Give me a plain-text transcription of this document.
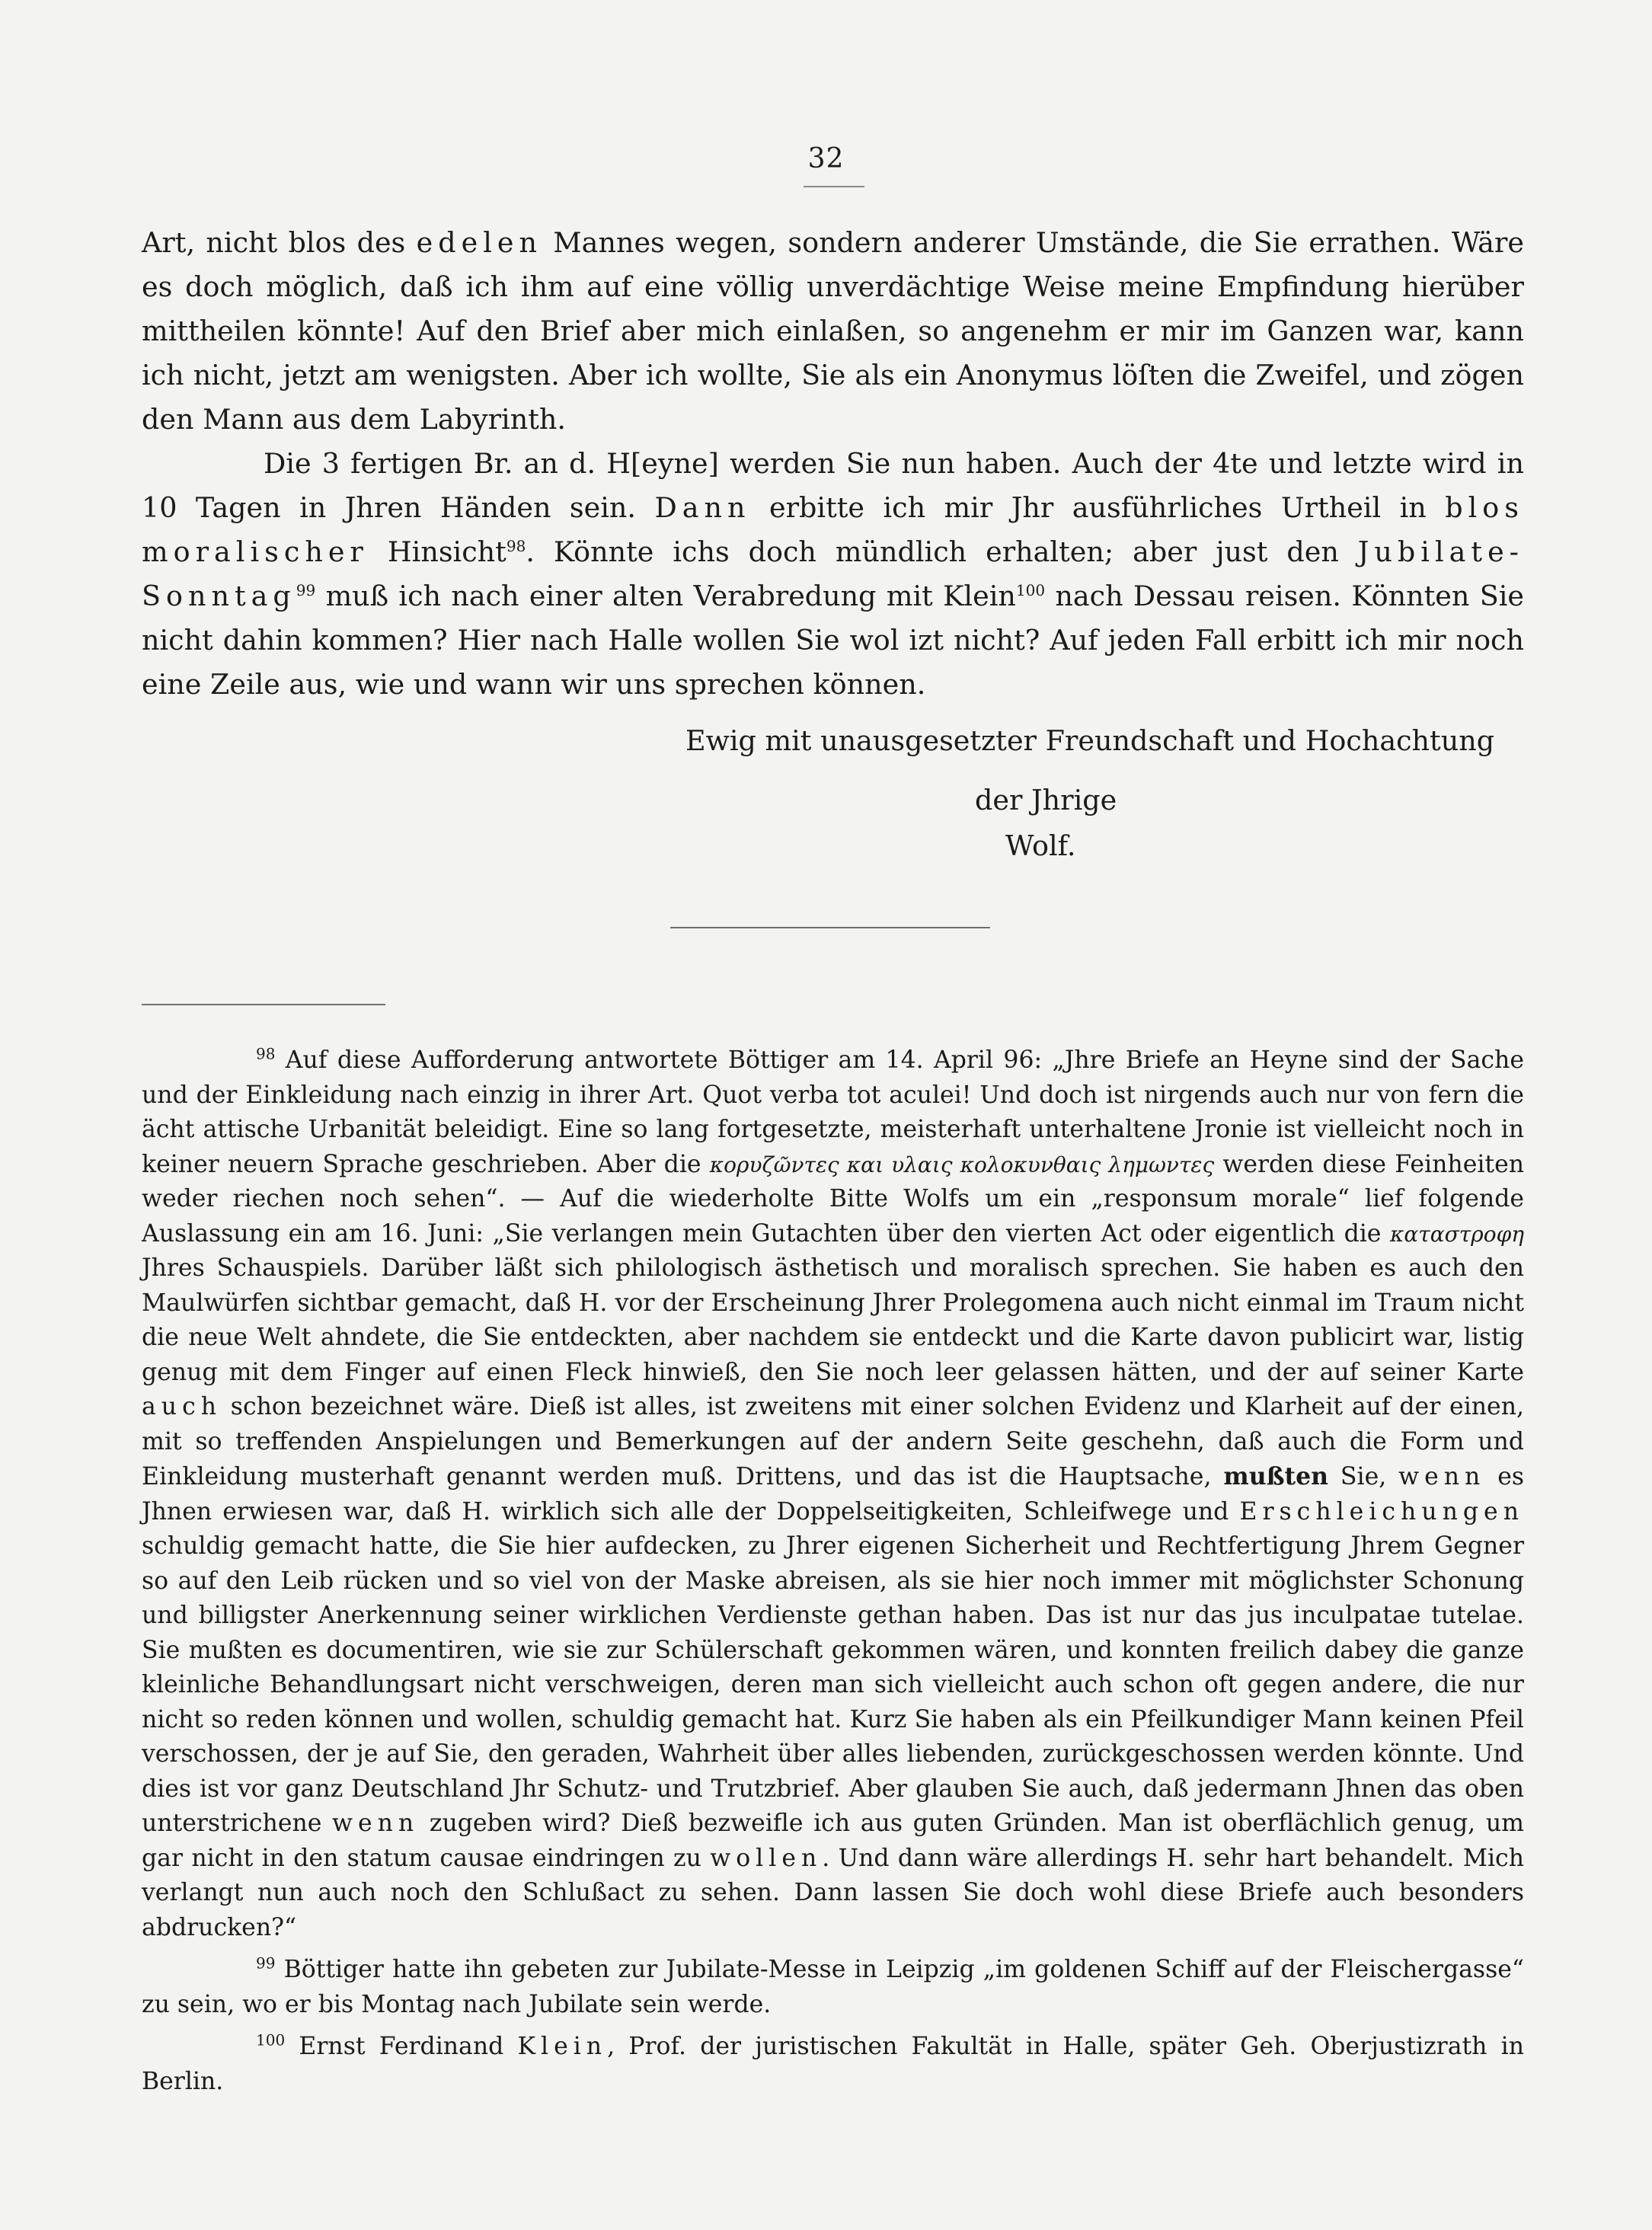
32

Art, nicht blos des edelen Mannes wegen, sondern anderer Umstände, die Sie errathen. Wäre es doch möglich, daß ich ihm auf eine völlig unverdächtige Weise meine Empfindung hierüber mittheilen könnte! Auf den Brief aber mich einlaßen, so angenehm er mir im Ganzen war, kann ich nicht, jetzt am wenigsten. Aber ich wollte, Sie als ein Anonymus löſten die Zweifel, und zögen den Mann aus dem Labyrinth.

Die 3 fertigen Br. an d. H[eyne] werden Sie nun haben. Auch der 4te und letzte wird in 10 Tagen in Jhren Händen sein. Dann erbitte ich mir Jhr ausführliches Urtheil in blos moralischer Hinsicht$^{98}$. Könnte ichs doch mündlich erhalten; aber just den Jubilate-Sonntag$^{99}$ muß ich nach einer alten Verabredung mit Klein$^{100}$ nach Dessau reisen. Könnten Sie nicht dahin kommen? Hier nach Halle wollen Sie wol izt nicht? Auf jeden Fall erbitt ich mir noch eine Zeile aus, wie und wann wir uns sprechen können.

Ewig mit unausgesetzter Freundschaft und Hochachtung
der Jhrige
Wolf.

$^{98}$ Auf diese Aufforderung antwortete Böttiger am 14. April 96: „Jhre Briefe an Heyne sind der Sache und der Einkleidung nach einzig in ihrer Art. Quot verba tot aculei! Und doch ist nirgends auch nur von fern die ächt attische Urbanität beleidigt. Eine so lang fortgesetzte, meisterhaft unterhaltene Jronie ist vielleicht noch in keiner neuern Sprache geschrieben. Aber die κορυζῶντες και υλαις κολοκυνθαις λημωντες werden diese Feinheiten weder riechen noch sehen“. — Auf die wiederholte Bitte Wolfs um ein „responsum morale“ lief folgende Auslassung ein am 16. Juni: „Sie verlangen mein Gutachten über den vierten Act oder eigentlich die καταστροφη Jhres Schauspiels. Darüber läßt sich philologisch ästhetisch und moralisch sprechen. Sie haben es auch den Maulwürfen sichtbar gemacht, daß H. vor der Erscheinung Jhrer Prolegomena auch nicht einmal im Traum nicht die neue Welt ahndete, die Sie entdeckten, aber nachdem sie entdeckt und die Karte davon publicirt war, listig genug mit dem Finger auf einen Fleck hinwieß, den Sie noch leer gelassen hätten, und der auf seiner Karte auch schon bezeichnet wäre. Dieß ist alles, ist zweitens mit einer solchen Evidenz und Klarheit auf der einen, mit so treffenden Anspielungen und Bemerkungen auf der andern Seite geschehn, daß auch die Form und Einkleidung musterhaft genannt werden muß. Drittens, und das ist die Hauptsache, mußten Sie, wenn es Jhnen erwiesen war, daß H. wirklich sich alle der Doppelseitigkeiten, Schleifwege und Erschleichungen schuldig gemacht hatte, die Sie hier aufdecken, zu Jhrer eigenen Sicherheit und Rechtfertigung Jhrem Gegner so auf den Leib rücken und so viel von der Maske abreisen, als sie hier noch immer mit möglichster Schonung und billigster Anerkennung seiner wirklichen Verdienste gethan haben. Das ist nur das jus inculpatae tutelae. Sie mußten es documentiren, wie sie zur Schülerschaft gekommen wären, und konnten freilich dabey die ganze kleinliche Behandlungsart nicht verschweigen, deren man sich vielleicht auch schon oft gegen andere, die nur nicht so reden können und wollen, schuldig gemacht hat. Kurz Sie haben als ein Pfeilkundiger Mann keinen Pfeil verschossen, der je auf Sie, den geraden, Wahrheit über alles liebenden, zurückgeschossen werden könnte. Und dies ist vor ganz Deutschland Jhr Schutz- und Trutzbrief. Aber glauben Sie auch, daß jedermann Jhnen das oben unterstrichene wenn zugeben wird? Dieß bezweifle ich aus guten Gründen. Man ist oberflächlich genug, um gar nicht in den statum causae eindringen zu wollen. Und dann wäre allerdings H. sehr hart behandelt. Mich verlangt nun auch noch den Schlußact zu sehen. Dann lassen Sie doch wohl diese Briefe auch besonders abdrucken?“

$^{99}$ Böttiger hatte ihn gebeten zur Jubilate-Messe in Leipzig „im goldenen Schiff auf der Fleischergasse“ zu sein, wo er bis Montag nach Jubilate sein werde.

$^{100}$ Ernst Ferdinand Klein, Prof. der juristischen Fakultät in Halle, später Geh. Oberjustizrath in Berlin.
